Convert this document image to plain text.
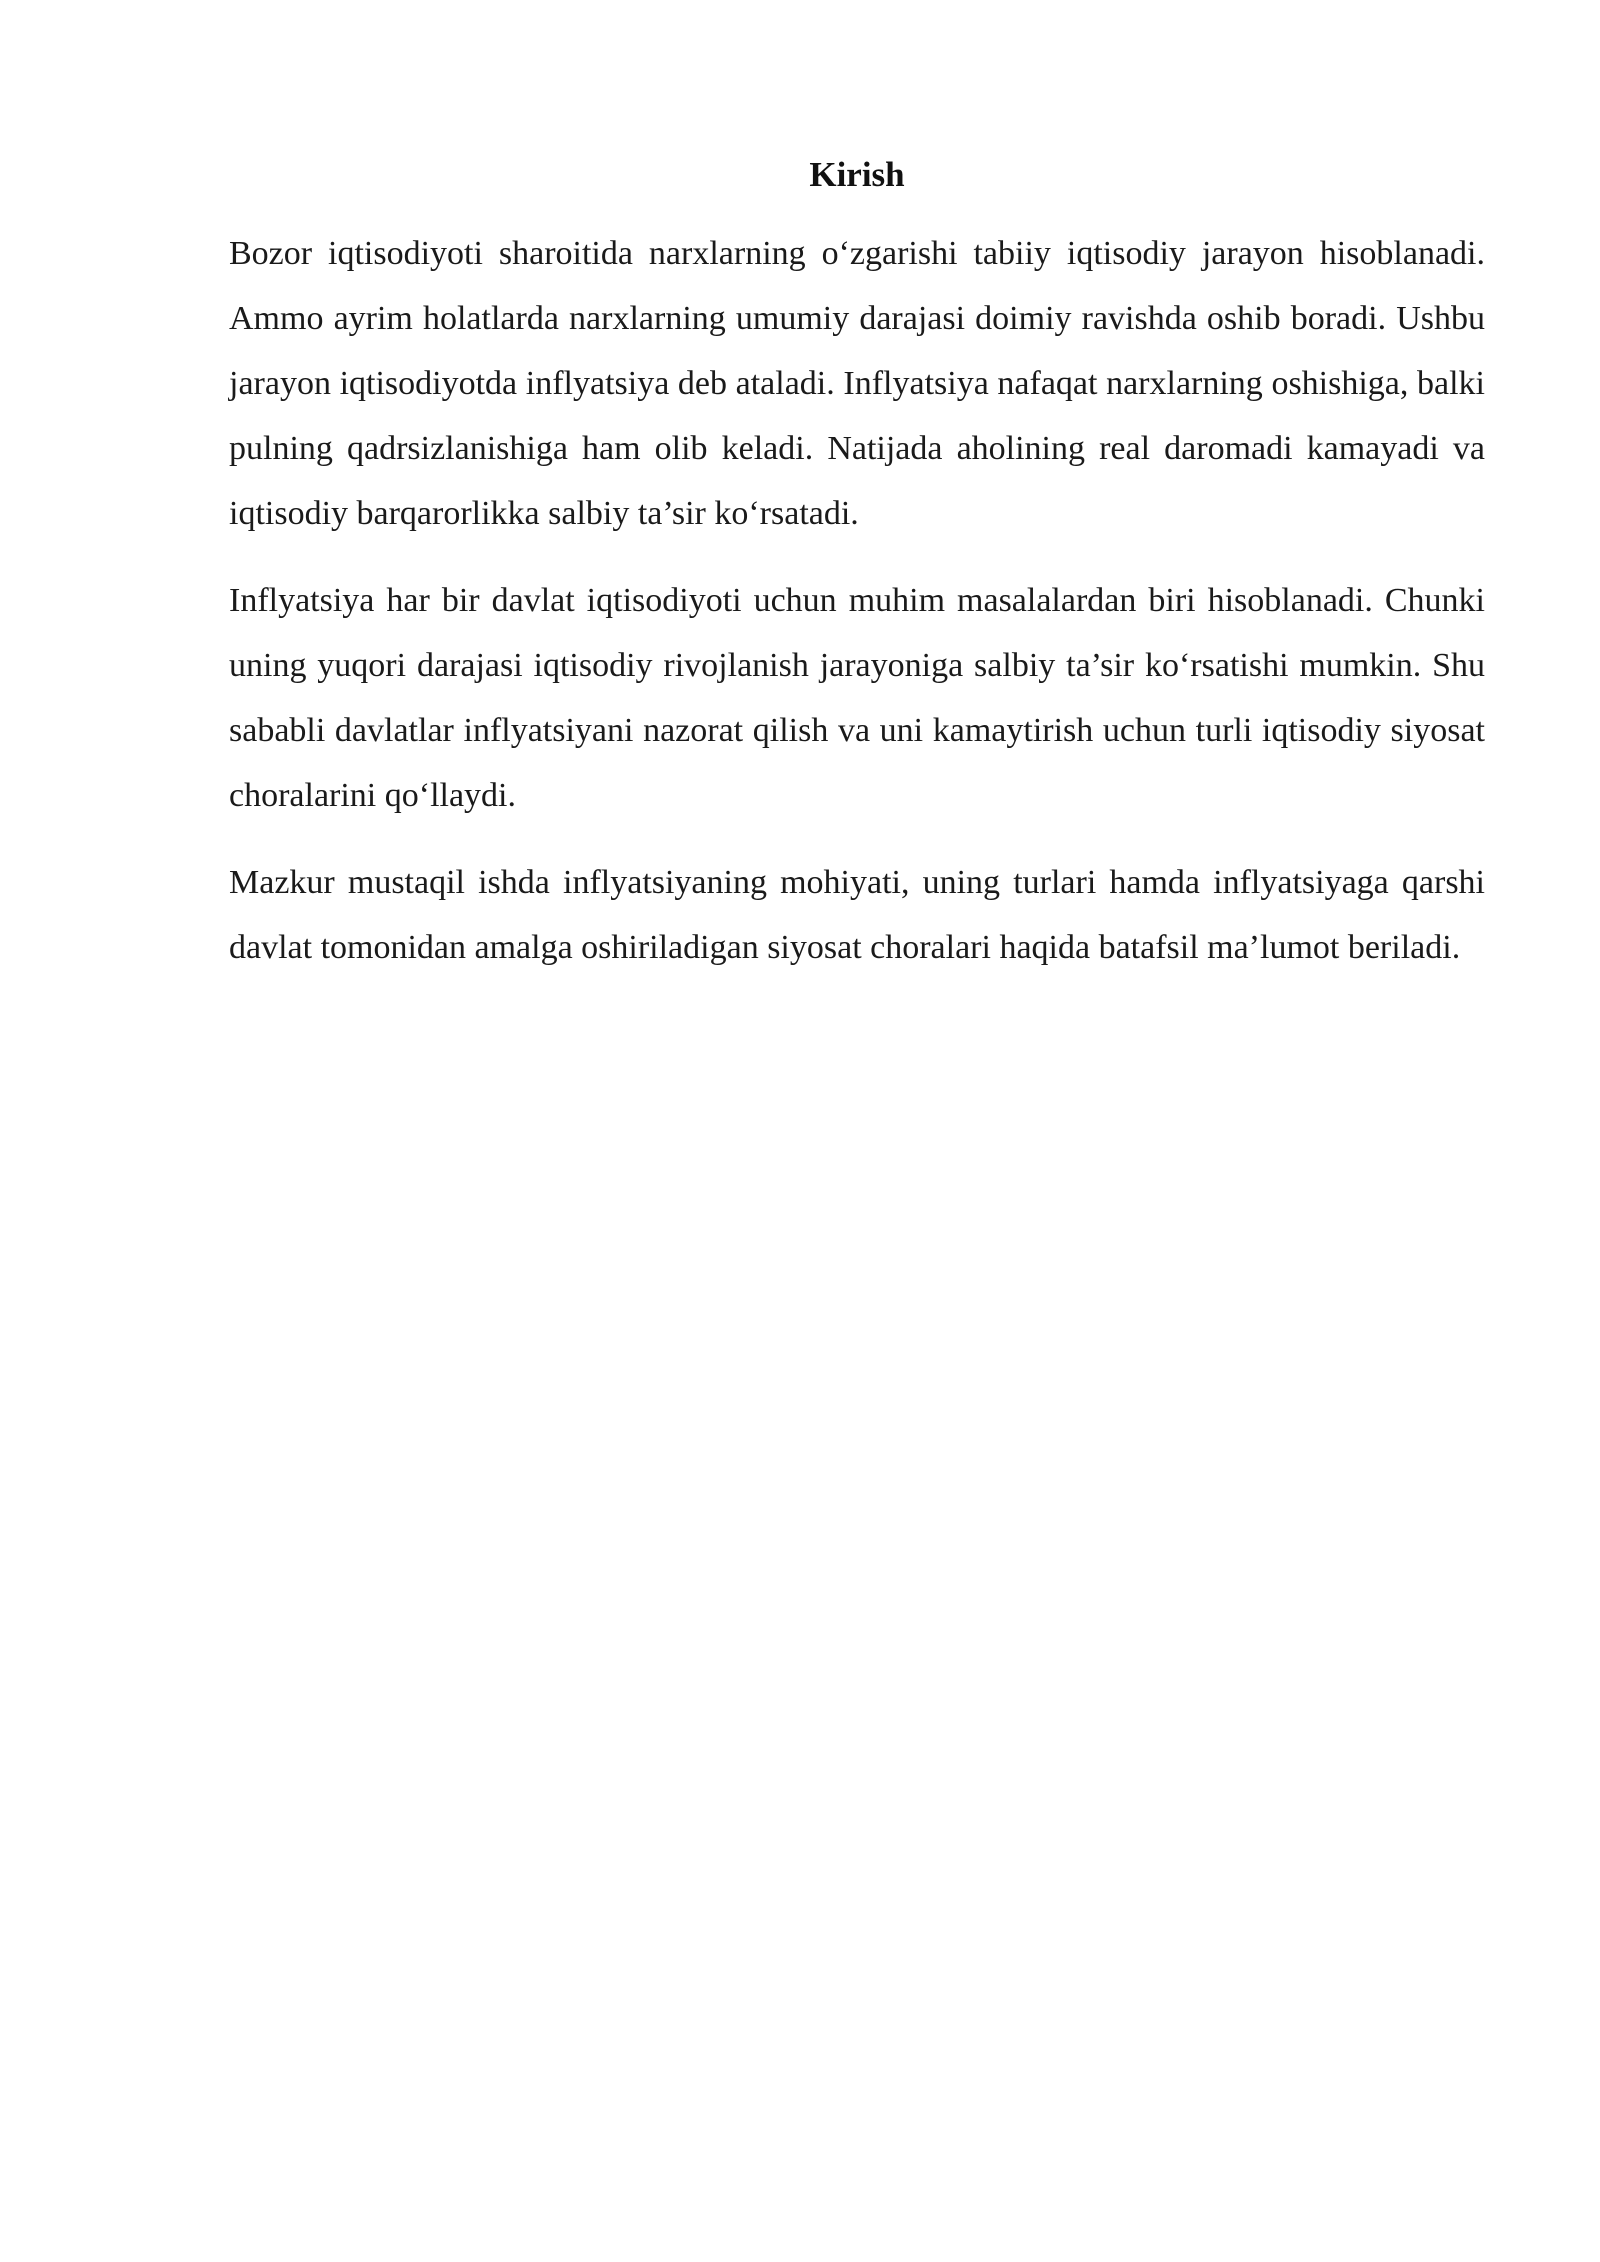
Kirish

Bozor iqtisodiyoti sharoitida narxlarning o‘zgarishi tabiiy iqtisodiy jarayon hisoblanadi. Ammo ayrim holatlarda narxlarning umumiy darajasi doimiy ravishda oshib boradi. Ushbu jarayon iqtisodiyotda inflyatsiya deb ataladi. Inflyatsiya nafaqat narxlarning oshishiga, balki pulning qadrsizlanishiga ham olib keladi. Natijada aholining real daromadi kamayadi va iqtisodiy barqarorlikka salbiy ta’sir ko‘rsatadi.

Inflyatsiya har bir davlat iqtisodiyoti uchun muhim masalalardan biri hisoblanadi. Chunki uning yuqori darajasi iqtisodiy rivojlanish jarayoniga salbiy ta’sir ko‘rsatishi mumkin. Shu sababli davlatlar inflyatsiyani nazorat qilish va uni kamaytirish uchun turli iqtisodiy siyosat choralarini qo‘llaydi.

Mazkur mustaqil ishda inflyatsiyaning mohiyati, uning turlari hamda inflyatsiyaga qarshi davlat tomonidan amalga oshiriladigan siyosat choralari haqida batafsil ma’lumot beriladi.
